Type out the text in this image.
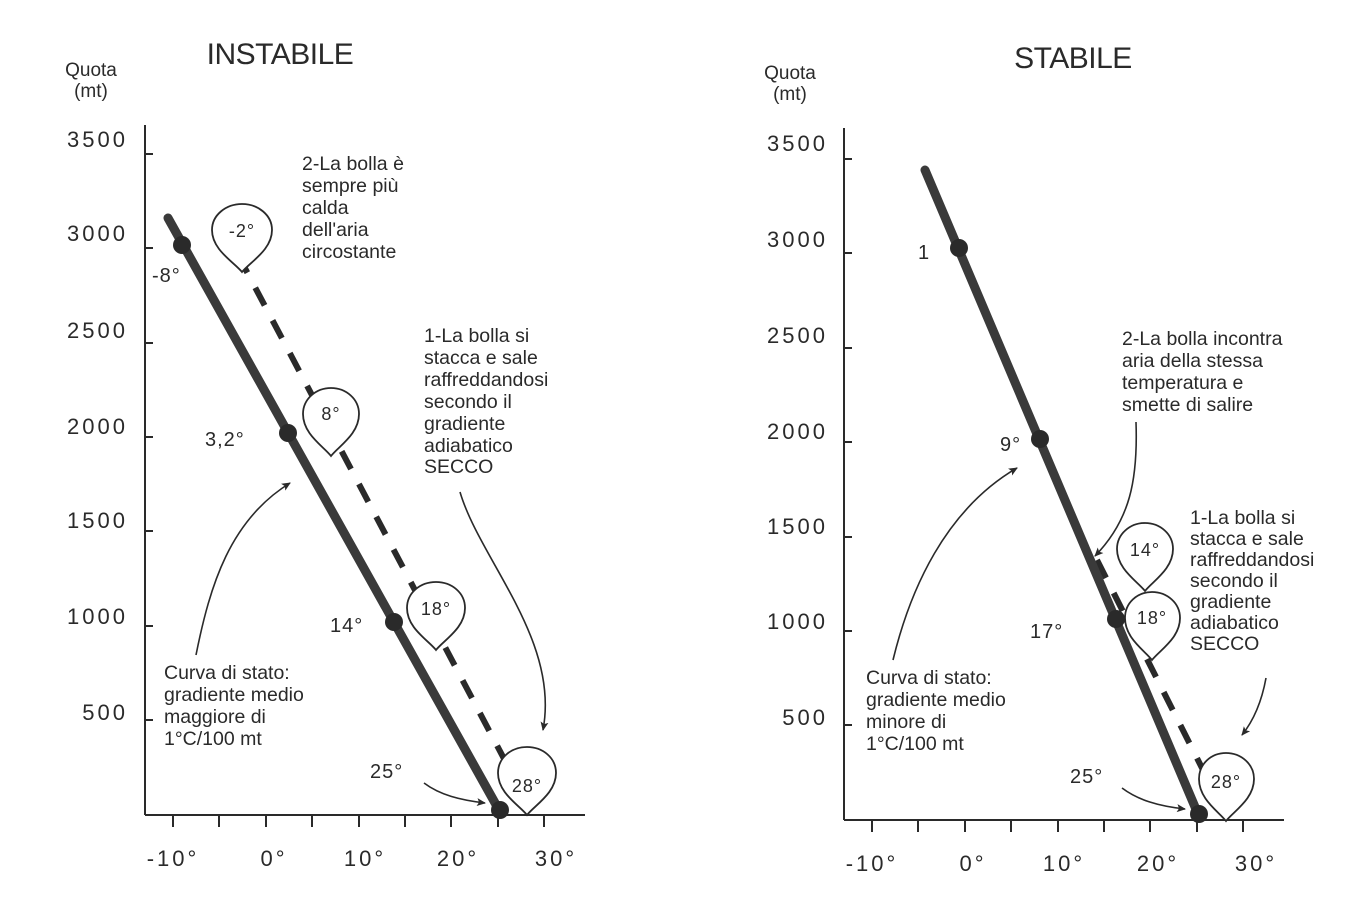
INSTABILE
Quota
(mt)
3500
3000
2500
2000
1500
1000
500
-10°	0°	10° 20°	30°
-8°
3,2°
14°
25°
-2°
8°
18°
28°
2-La bolla è
sempre più
calda
dell'aria
circostante
1-La bolla si
stacca e sale
raffreddandosi
secondo il
gradiente
adiabatico
SECCO
Curva di stato:
gradiente medio
maggiore di
1°C/100 mt
STABILE
Quota
(mt)
3500
3000
2500
2000
1500
1000
500
-10°	0°	10° 20°	30°
1
9°
17°
25°
14°
18°
28°
2-La bolla incontra
aria della stessa
temperatura e
smette di salire
1-La bolla si
stacca e sale
raffreddandosi
secondo il
gradiente
adiabatico
SECCO
Curva di stato:
gradiente medio
minore di
1°C/100 mt
